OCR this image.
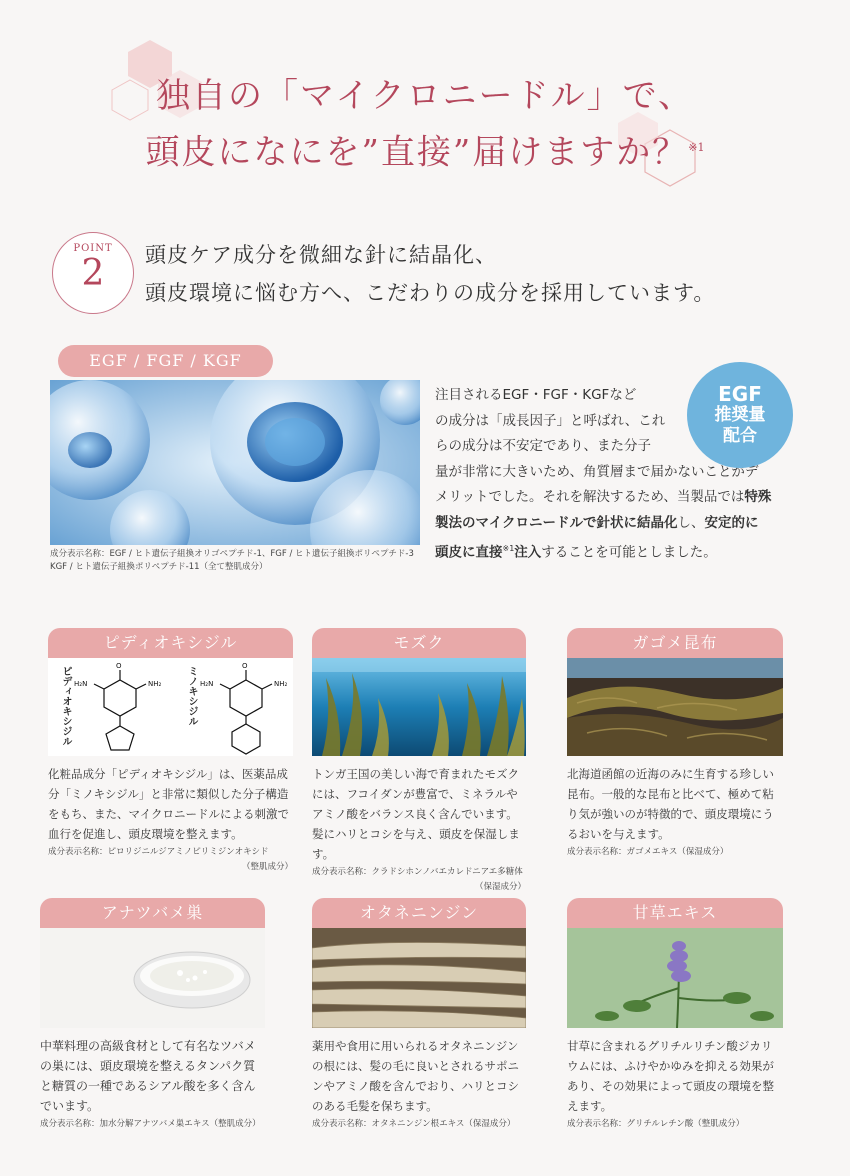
独自の「マイクロニードル」で、
頭皮になにを”直接”届けますか？$^{※1}$
POINT
2	頭皮ケア成分を微細な針に結晶化、
頭皮環境に悩む方へ、こだわりの成分を採用しています。
EGF / FGF / KGF
成分表示名称：EGF / ヒト遺伝子組換オリゴペプチド-1、FGF / ヒト遺伝子組換ポリペプチド-3
KGF / ヒト遺伝子組換ポリペプチド-11（全て整肌成分）

注目されるEGF・FGF・KGFなど

の成分は「成長因子」と呼ばれ、これ

らの成分は不安定であり、また分子

量が非常に大きいため、角質層まで届かないことがデ

メリットでした。それを解決するため、当製品では特殊

製法のマイクロニードルで針状に結晶化し、安定的に

頭皮に直接$^{※1}$注入することを可能としました。

EGF
推奨量
配合
ピディオキシジル
ピディオキシジル	ミノキシジル
O
NH₂
H₂N
O
NH₂
H₂N
化粧品成分「ピディオキシジル」は、医薬品成分「ミノキシジル」と非常に類似した分子構造をもち、また、マイクロニードルによる刺激で血行を促進し、頭皮環境を整えます。
成分表示名称：ピロリジニルジアミノピリミジンオキシド
（整肌成分）
モズク
トンガ王国の美しい海で育まれたモズクには、フコイダンが豊富で、ミネラルやアミノ酸をバランス良く含んでいます。髪にハリとコシを与え、頭皮を保湿します。
成分表示名称：クラドシホンノバエカレドニアエ多糖体
（保湿成分）
ガゴメ昆布
北海道函館の近海のみに生育する珍しい昆布。一般的な昆布と比べて、極めて粘り気が強いのが特徴的で、頭皮環境にうるおいを与えます。
成分表示名称：ガゴメエキス（保湿成分）
アナツバメ巣
中華料理の高級食材として有名なツバメの巣には、頭皮環境を整えるタンパク質と糖質の一種であるシアル酸を多く含んでいます。
成分表示名称：加水分解アナツバメ巣エキス（整肌成分）
オタネニンジン
薬用や食用に用いられるオタネニンジンの根には、髪の毛に良いとされるサポニンやアミノ酸を含んでおり、ハリとコシのある毛髪を保ちます。
成分表示名称：オタネニンジン根エキス（保湿成分）
甘草エキス
甘草に含まれるグリチルリチン酸ジカリウムには、ふけやかゆみを抑える効果があり、その効果によって頭皮の環境を整えます。
成分表示名称：グリチルレチン酸（整肌成分）
